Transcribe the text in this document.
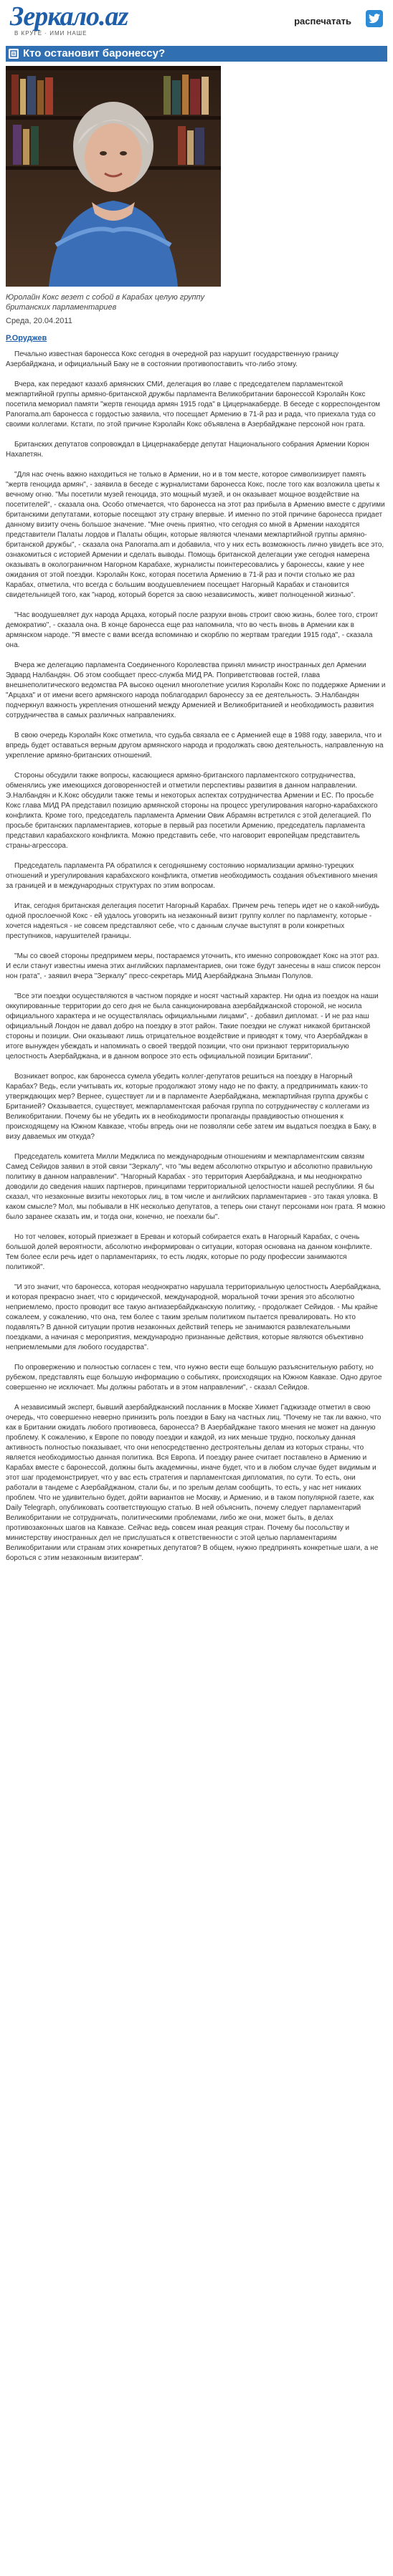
Зеркало.az
В КРУГЕ · ИМИ НАШЕ
распечатать
Кто остановит баронессу?
Юролайн Кокс везет с собой в Карабах целую группу британских парламентариев
Среда, 20.04.2011
Р.Оруджев

Печально известная баронесса Кокс сегодня в очередной раз нарушит государственную границу Азербайджана, и официальный Баку не в состоянии противопоставить что-либо этому.

Вчера, как передают казахб армянских СМИ, делегация во главе с председателем парламентской межпартийной группы армяно-британской дружбы парламента Великобритании баронессой Кэролайн Кокс посетила мемориал памяти "жертв геноцида армян 1915 года" в Цицернакаберде. В беседе с корреспондентом Panorama.am баронесса с гордостью заявила, что посещает Армению в 71-й раз и рада, что приехала туда со своими коллегами. Кстати, по этой причине Кэролайн Кокс объявлена в Азербайджане персоной нон грата.

Британских депутатов сопровождал в Цицернакаберде депутат Национального собрания Армении Корюн Нахапетян.

"Для нас очень важно находиться не только в Армении, но и в том месте, которое символизирует память "жертв геноцида армян", - заявила в беседе с журналистами баронесса Кокс, после того как возложила цветы к вечному огню. "Мы посетили музей геноцида, это мощный музей, и он оказывает мощное воздействие на посетителей", - сказала она. Особо отмечается, что баронесса на этот раз прибыла в Армению вместе с другими британскими депутатами, которые посещают эту страну впервые. И именно по этой причине баронесса придает данному визиту очень большое значение. "Мне очень приятно, что сегодня со мной в Армении находятся представители Палаты лордов и Палаты общин, которые являются членами межпартийной группы армяно-британской дружбы", - сказала она Panorama.am и добавила, что у них есть возможность лично увидеть все это, ознакомиться с историей Армении и сделать выводы. Помощь британской делегации уже сегодня намерена оказывать в околограничном Нагорном Карабахе, журналисты поинтересовались у баронессы, какие у нее ожидания от этой поездки. Кэролайн Кокс, которая посетила Армению в 71-й раз и почти столько же раз Карабах, отметила, что всегда с большим воодушевлением посещает Нагорный Карабах и становится свидетельницей того, как "народ, который борется за свою независимость, живет полноценной жизнью".

"Нас воодушевляет дух народа Арцаха, который после разрухи вновь строит свою жизнь, более того, строит демократию", - сказала она. В конце баронесса еще раз напомнила, что во честь вновь в Армении как в армянском народе. "Я вместе с вами всегда вспоминаю и скорблю по жертвам трагедии 1915 года", - сказала она.

Вчера же делегацию парламента Соединенного Королевства принял министр иностранных дел Армении Эдвард Налбандян. Об этом сообщает пресс-служба МИД РА. Поприветствовав гостей, глава внешнеполитического ведомства РА высоко оценил многолетние усилия Кэролайн Кокс по поддержке Армении и "Арцаха" и от имени всего армянского народа поблагодарил баронессу за ее деятельность. Э.Налбандян подчеркнул важность укрепления отношений между Арменией и Великобританией и необходимость развития сотрудничества в самых различных направлениях.

В свою очередь Кэролайн Кокс отметила, что судьба связала ее с Арменией еще в 1988 году, заверила, что и впредь будет оставаться верным другом армянского народа и продолжать свою деятельность, направленную на укрепление армяно-британских отношений.

Стороны обсудили также вопросы, касающиеся армяно-британского парламентского сотрудничества, обменялись уже имеющихся договоренностей и отметили перспективы развития в данном направлении. Э.Налбандян и К.Кокс обсудили также темы и некоторых аспектах сотрудничества Армении и ЕС. По просьбе Кокс глава МИД РА представил позицию армянской стороны на процесс урегулирования нагорно-карабахского конфликта. Кроме того, председатель парламента Армении Овик Абрамян встретился с этой делегацией. По просьбе британских парламентариев, которые в первый раз посетили Армению, председатель парламента представил карабахского конфликта. Можно представить себе, что наговорит европейцам представитель страны-агрессора.

Председатель парламента РА обратился к сегодняшнему состоянию нормализации армяно-турецких отношений и урегулирования карабахского конфликта, отметив необходимость создания объективного мнения за границей и в международных структурах по этим вопросам.

Итак, сегодня британская делегация посетит Нагорный Карабах. Причем речь теперь идет не о какой-нибудь одной прослоечной Кокс - ей удалось уговорить на незаконный визит группу коллег по парламенту, которые - хочется надеяться - не совсем представляют себе, что с данным случае выступят в роли конкретных преступников, нарушителей границы.

"Мы со своей стороны предпримем меры, постараемся уточнить, кто именно сопровождает Кокс на этот раз. И если станут известны имена этих английских парламентариев, они тоже будут занесены в наш список персон нон грата", - заявил вчера "Зеркалу" пресс-секретарь МИД Азербайджана Эльман Полулов.

"Все эти поездки осуществляются в частном порядке и носят частный характер. Ни одна из поездок на наши оккупированные территории до сего дня не была санкционирована азербайджанской стороной, не носила официального характера и не осуществлялась официальными лицами", - добавил дипломат. - И не раз наш официальный Лондон не давал добро на поездку в этот район. Такие поездки не служат никакой британской стороны и позиции. Они оказывают лишь отрицательное воздействие и приводят к тому, что Азербайджан в итоге вынужден убеждать и напоминать о своей твердой позиции, что они признают территориальную целостность Азербайджана, и в данном вопросе это есть официальной позиции Британии".

Возникает вопрос, как баронесса сумела убедить коллег-депутатов решиться на поездку в Нагорный Карабах? Ведь, если учитывать их, которые продолжают этому надо не по факту, а предпринимать каких-то утверждающих мер? Вернее, существует ли и в парламенте Азербайджана, межпартийная группа дружбы с Британией? Оказывается, существует, межпарламентская рабочая группа по сотрудничеству с коллегами из Великобритании. Почему бы не убедить их в необходимости пропаганды правдивостью отношения к происходящему на Южном Кавказе, чтобы впредь они не позволяли себе затем им выдаться поездка в Баку, в визу даваемых им откуда?

Председатель комитета Милли Меджлиса по международным отношениям и межпарламентским связям Самед Сейидов заявил в этой связи "Зеркалу", что "мы ведем абсолютно открытую и абсолютно правильную политику в данном направлении". "Нагорный Карабах - это территория Азербайджана, и мы неоднократно доводили до сведения наших партнеров, принципами территориальной целостности нашей республики. Я бы сказал, что незаконные визиты некоторых лиц, в том числе и английских парламентариев - это такая уловка. В каком смысле? Мол, мы побывали в НК несколько депутатов, а теперь они станут персонами нон грата. Я можно было заранее сказать им, и тогда они, конечно, не поехали бы".

Но тот человек, который приезжает в Ереван и который собирается ехать в Нагорный Карабах, с очень большой долей вероятности, абсолютно информирован о ситуации, которая основана на данном конфликте. Тем более если речь идет о парламентариях, то есть людях, которые по роду профессии занимаются политикой".

"И это значит, что баронесса, которая неоднократно нарушала территориальную целостность Азербайджана, и которая прекрасно знает, что с юридической, международной, моральной точки зрения это абсолютно неприемлемо, просто проводит все такую антиазербайджанскую политику, - продолжает Сейидов. - Мы крайне сожалеем, у сожалению, что она, тем более с таким зрелым политиком пытается превалировать. Но кто подавлять? В данной ситуации против незаконных действий теперь не занимаются развлекательными поездками, а начиная с мероприятия, международно признанные действия, которые являются объективно неприемлемыми для любого государства".

По опровержению и полностью согласен с тем, что нужно вести еще большую разъяснительную работу, но рубежом, представлять еще большую информацию о событиях, происходящих на Южном Кавказе. Одно другое совершенно не исключает. Мы должны работать и в этом направлении", - сказал Сейидов.

А независимый эксперт, бывший азербайджанский посланник в Москве Хикмет Гаджизаде отметил в свою очередь, что совершенно неверно принизить роль поездки в Баку на частных лиц. "Почему не так ли важно, что как в Британии ожидать любого противовеса, баронесса? В Азербайджане такого мнения не может на данную проблему. К сожалению, к Европе по поводу поездки и каждой, из них меньше трудно, поскольку данная активность полностью показывает, что они непосредственно дестроятельны делам из которых страны, что является необходимостью данная политика. Вся Европа. И поездку ранее считает поставлено в Армению и Карабах вместе с баронессой, должны быть академичны, иначе будет, что и в любом случае будет видимым и этот шаг продемонстрирует, что у вас есть стратегия и парламентская дипломатия, по сути. То есть, они работали в тандеме с Азербайджаном, стали бы, и по зрелым делам сообщить, то есть, у нас нет никаких проблем. Что не удивительно будет, дойти вариантов не Москву, и Армению, и в таком популярной газете, как Daily Telegraph, опубликовать соответствующую статью. В ней объяснить, почему следует парламентарий Великобритании не сотрудничать, политическими проблемами, либо же они, может быть, в делах противозаконных шагов на Кавказе. Сейчас ведь совсем иная реакция стран. Почему бы посольству и министерству иностранных дел не прислушаться к ответственности с этой целью парламентариям Великобритании или странам этих конкретных депутатов? В общем, нужно предпринять конкретные шаги, а не бороться с этим незаконным визитерам".
